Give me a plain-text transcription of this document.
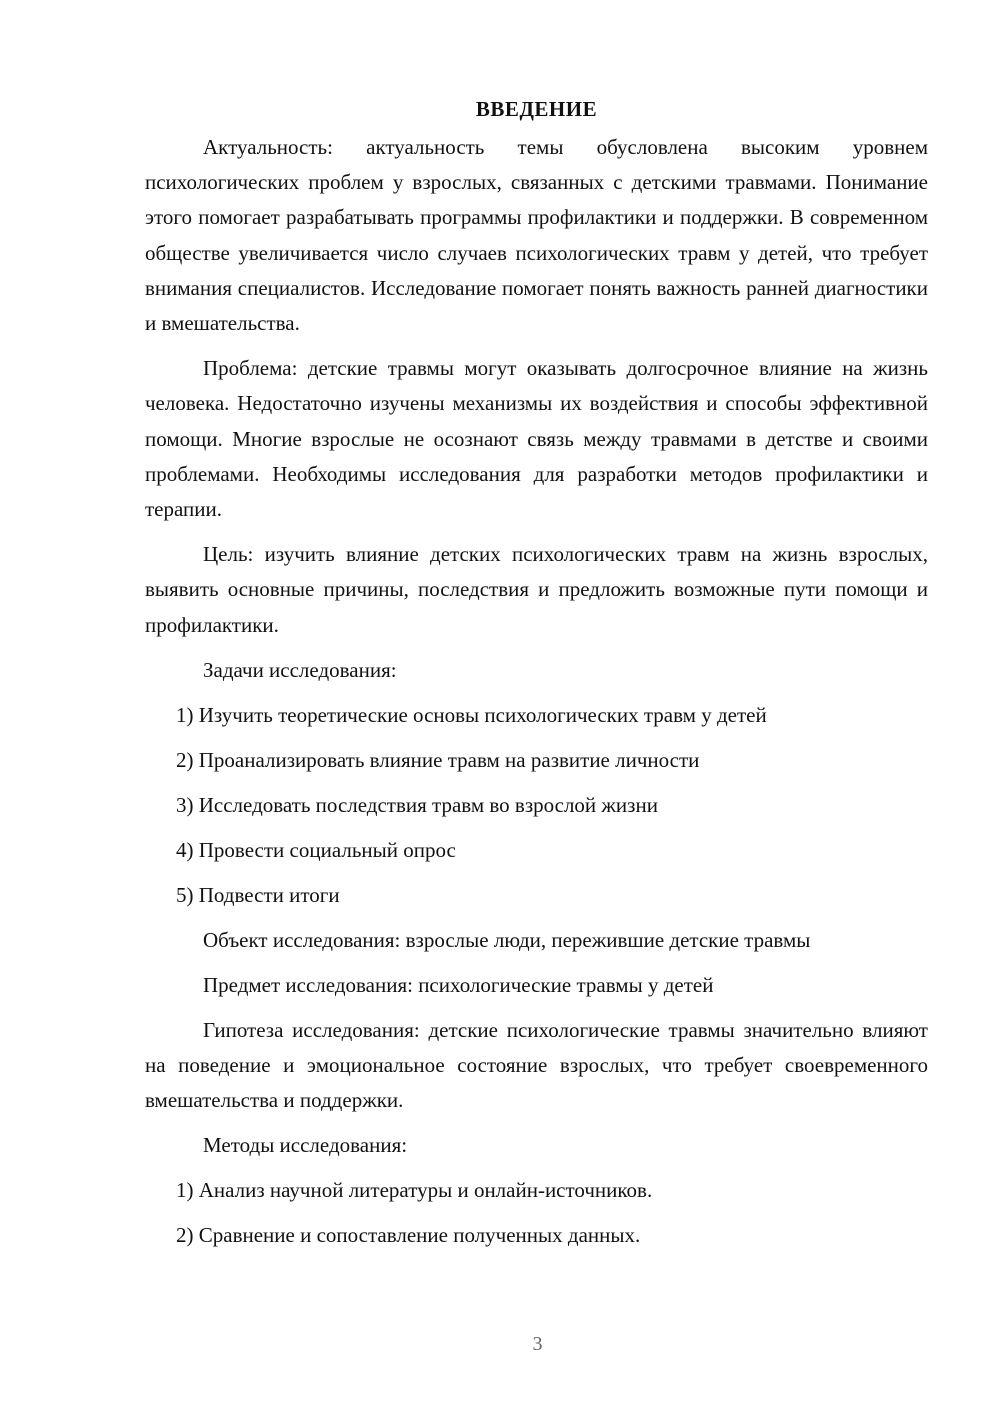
ВВЕДЕНИЕ

Актуальность: актуальность темы обусловлена высоким уровнем психологических проблем у взрослых, связанных с детскими травмами. Понимание этого помогает разрабатывать программы профилактики и поддержки. В современном обществе увеличивается число случаев психологических травм у детей, что требует внимания специалистов. Исследование помогает понять важность ранней диагностики и вмешательства.

Проблема: детские травмы могут оказывать долгосрочное влияние на жизнь человека. Недостаточно изучены механизмы их воздействия и способы эффективной помощи. Многие взрослые не осознают связь между травмами в детстве и своими проблемами. Необходимы исследования для разработки методов профилактики и терапии.

Цель: изучить влияние детских психологических травм на жизнь взрослых, выявить основные причины, последствия и предложить возможные пути помощи и профилактики.

Задачи исследования:
1) Изучить теоретические основы психологических травм у детей
2) Проанализировать влияние травм на развитие личности
3) Исследовать последствия травм во взрослой жизни
4) Провести социальный опрос
5) Подвести итоги
Объект исследования: взрослые люди, пережившие детские травмы
Предмет исследования: психологические травмы у детей

Гипотеза исследования: детские психологические травмы значительно влияют на поведение и эмоциональное состояние взрослых, что требует своевременного вмешательства и поддержки.

Методы исследования:
1) Анализ научной литературы и онлайн-источников.
2) Сравнение и сопоставление полученных данных.
3
